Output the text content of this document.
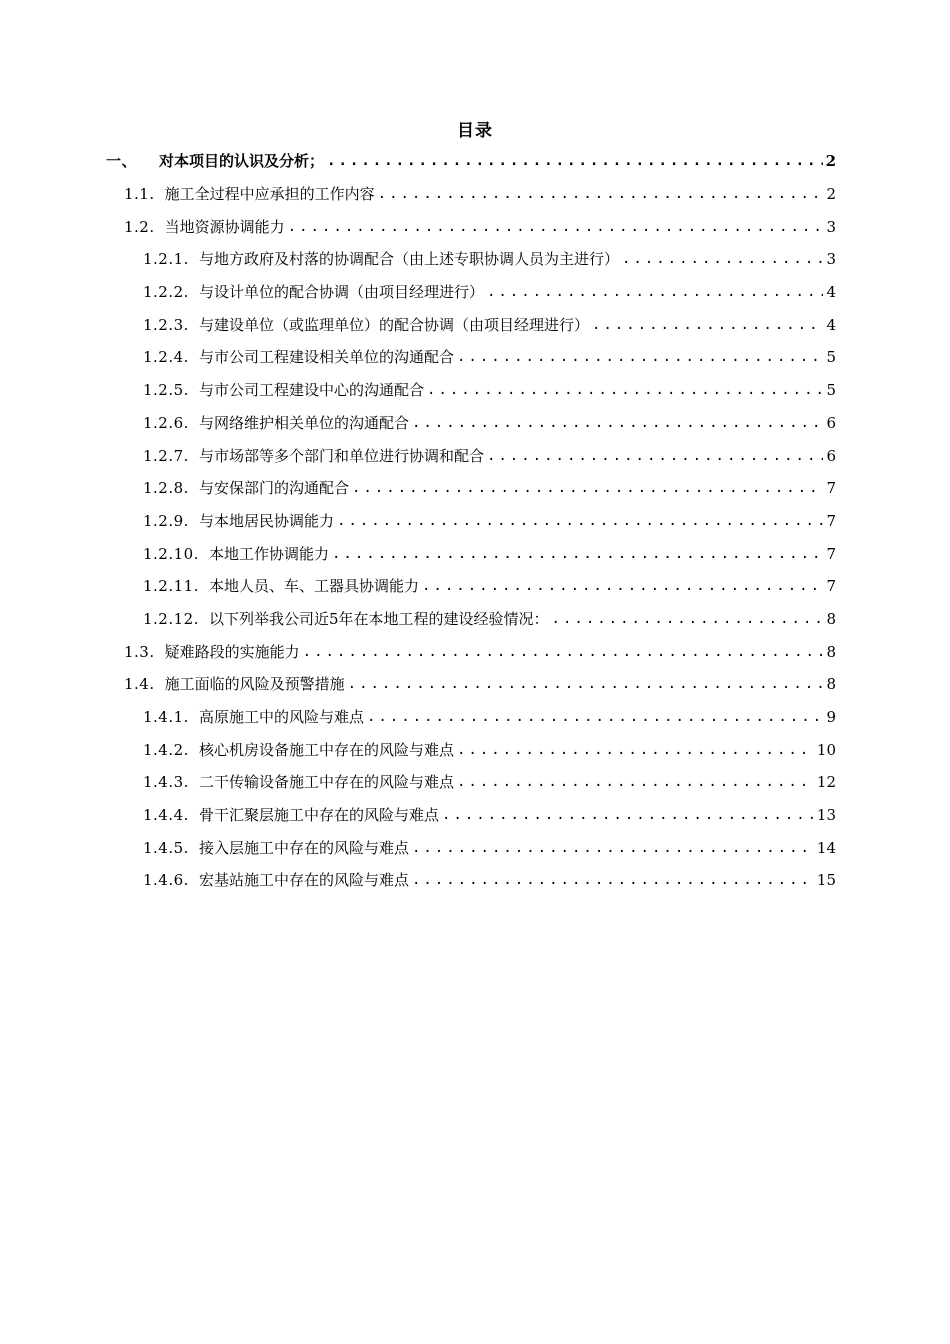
目录
一、 对本项目的认识及分析； .....	2
1.1. 施工全过程中应承担的工作内容 .....	2
1.2. 当地资源协调能力 .....	3
1.2.1. 与地方政府及村落的协调配合（由上述专职协调人员为主进行） .....	3
1.2.2. 与设计单位的配合协调（由项目经理进行） .....	4
1.2.3. 与建设单位（或监理单位）的配合协调（由项目经理进行） .....	4
1.2.4. 与市公司工程建设相关单位的沟通配合 .....	5
1.2.5. 与市公司工程建设中心的沟通配合 .....	5
1.2.6. 与网络维护相关单位的沟通配合 .....	6
1.2.7. 与市场部等多个部门和单位进行协调和配合 .....	6
1.2.8. 与安保部门的沟通配合 .....	7
1.2.9. 与本地居民协调能力 .....	7
1.2.10. 本地工作协调能力 .....	7
1.2.11. 本地人员、车、工器具协调能力 .....	7
1.2.12. 以下列举我公司近5年在本地工程的建设经验情况： .....	8
1.3. 疑难路段的实施能力 .....	8
1.4. 施工面临的风险及预警措施 .....	8
1.4.1. 高原施工中的风险与难点 .....	9
1.4.2. 核心机房设备施工中存在的风险与难点 .....	10
1.4.3. 二干传输设备施工中存在的风险与难点 .....	12
1.4.4. 骨干汇聚层施工中存在的风险与难点 .....	13
1.4.5. 接入层施工中存在的风险与难点 .....	14
1.4.6. 宏基站施工中存在的风险与难点 .....	15
